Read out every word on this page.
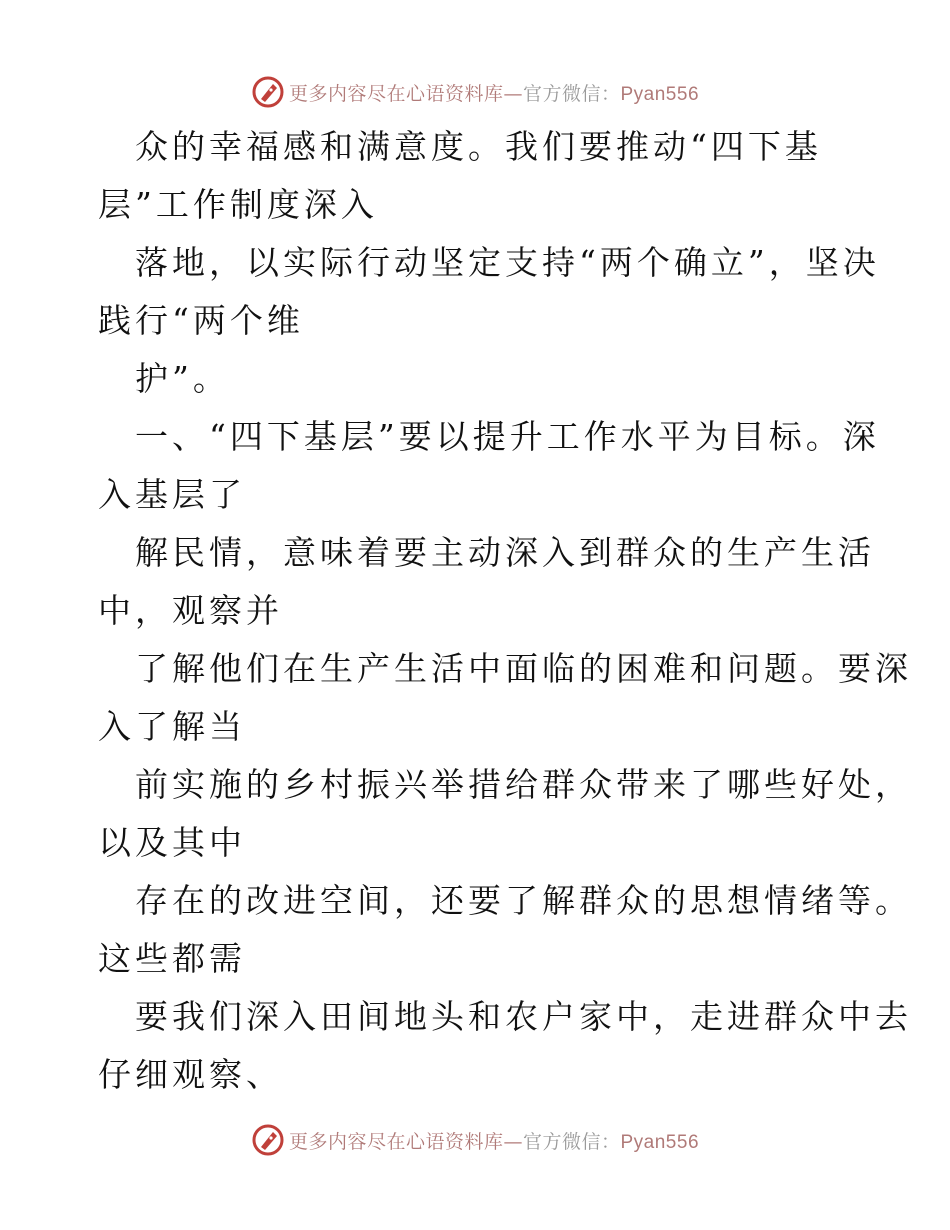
更多内容尽在心语资料库—官方微信：Pyan556
众的幸福感和满意度。我们要推动“四下基
层”工作制度深入
落地，以实际行动坚定支持“两个确立”，坚决
践行“两个维
护”。
一、“四下基层”要以提升工作水平为目标。深
入基层了
解民情，意味着要主动深入到群众的生产生活
中，观察并
了解他们在生产生活中面临的困难和问题。要深
入了解当
前实施的乡村振兴举措给群众带来了哪些好处，
以及其中
存在的改进空间，还要了解群众的思想情绪等。
这些都需
要我们深入田间地头和农户家中，走进群众中去
仔细观察、
更多内容尽在心语资料库—官方微信：Pyan556
